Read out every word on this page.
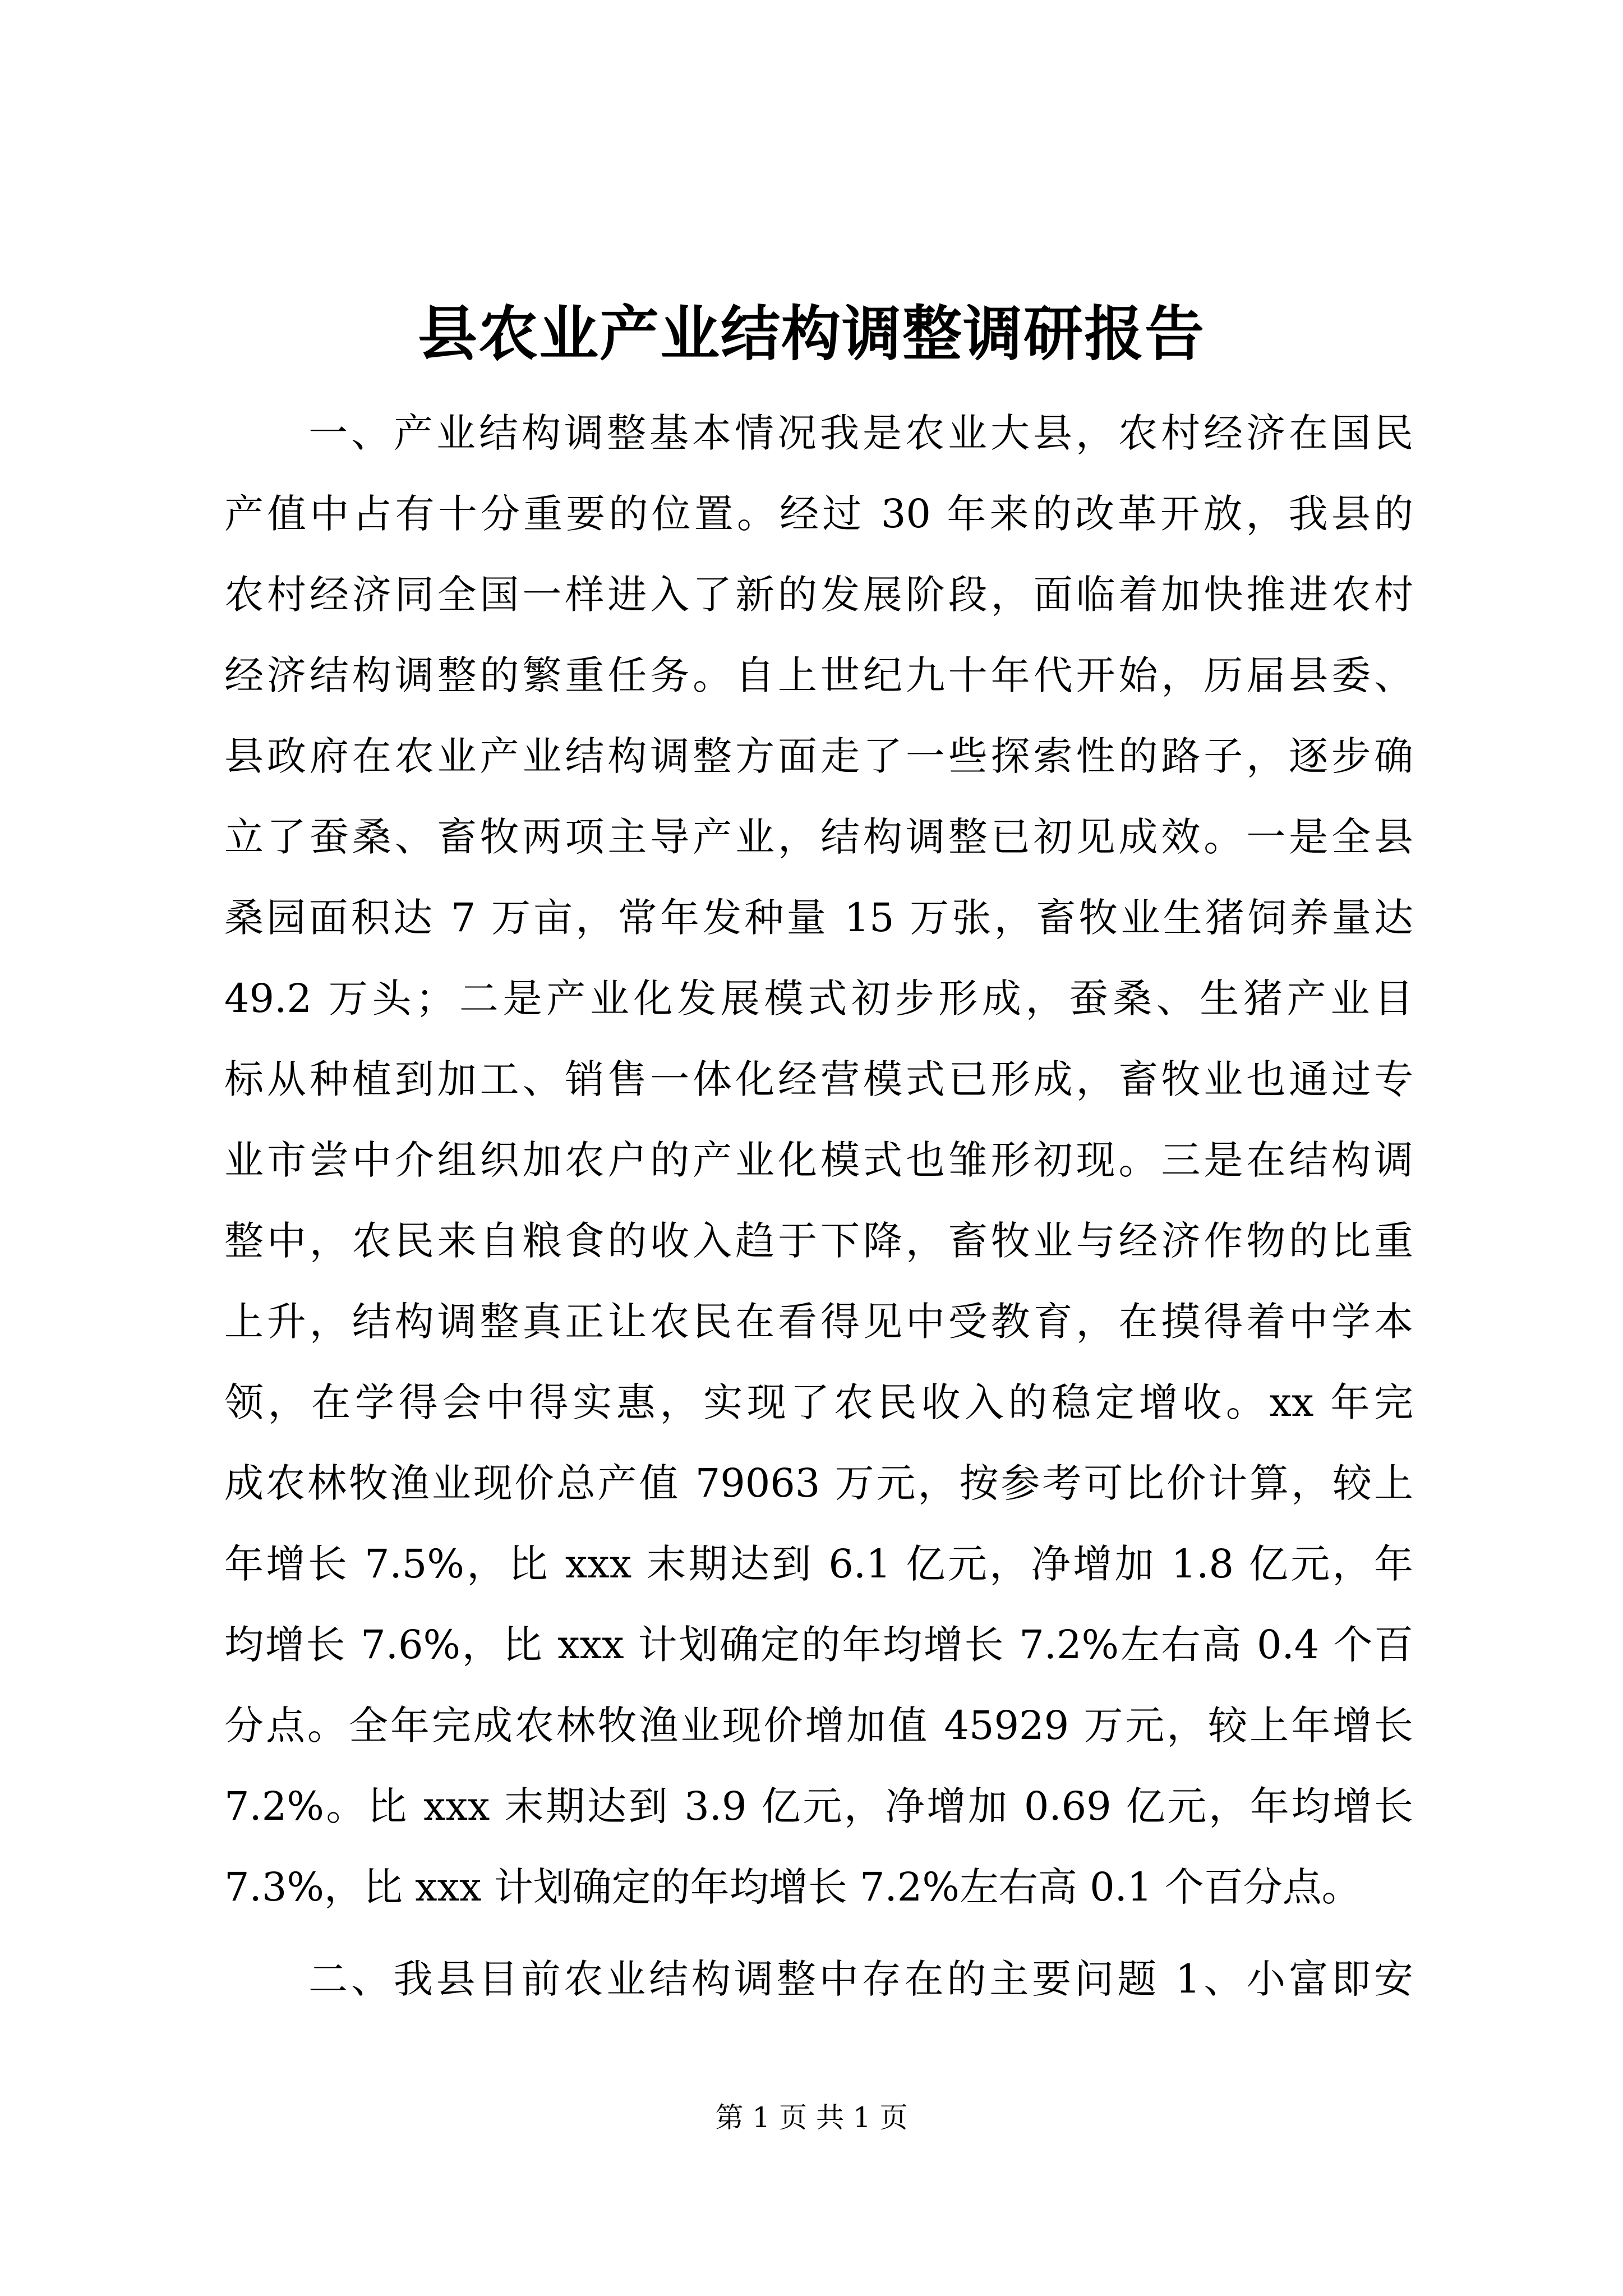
县农业产业结构调整调研报告
一、产业结构调整基本情况我是农业大县，农村经济在国民
产值中占有十分重要的位置。经过 30 年来的改革开放，我县的
农村经济同全国一样进入了新的发展阶段，面临着加快推进农村
经济结构调整的繁重任务。自上世纪九十年代开始，历届县委、
县政府在农业产业结构调整方面走了一些探索性的路子，逐步确
立了蚕桑、畜牧两项主导产业，结构调整已初见成效。一是全县
桑园面积达 7 万亩，常年发种量 15 万张，畜牧业生猪饲养量达
49.2 万头；二是产业化发展模式初步形成，蚕桑、生猪产业目
标从种植到加工、销售一体化经营模式已形成，畜牧业也通过专
业市尝中介组织加农户的产业化模式也雏形初现。三是在结构调
整中，农民来自粮食的收入趋于下降，畜牧业与经济作物的比重
上升，结构调整真正让农民在看得见中受教育，在摸得着中学本
领，在学得会中得实惠，实现了农民收入的稳定增收。xx 年完
成农林牧渔业现价总产值 79063 万元，按参考可比价计算，较上
年增长 7.5%，比 xxx 末期达到 6.1 亿元，净增加 1.8 亿元，年
均增长 7.6%，比 xxx 计划确定的年均增长 7.2%左右高 0.4 个百
分点。全年完成农林牧渔业现价增加值 45929 万元，较上年增长
7.2%。比 xxx 末期达到 3.9 亿元，净增加 0.69 亿元，年均增长
7.3%，比 xxx 计划确定的年均增长 7.2%左右高 0.1 个百分点。
二、我县目前农业结构调整中存在的主要问题 1、小富即安
第 1 页 共 1 页
